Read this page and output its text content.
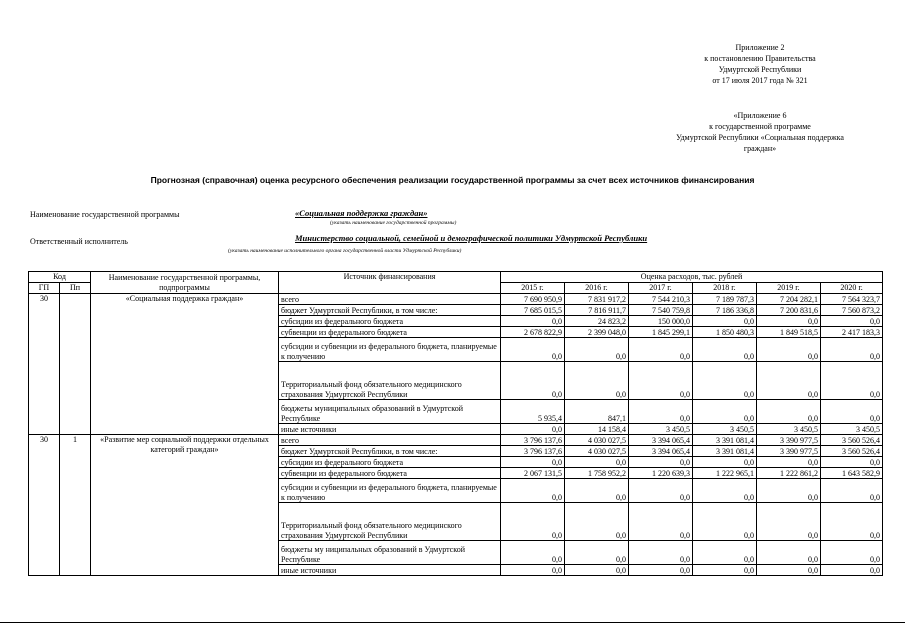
Приложение 2
к постановлению Правительства
Удмуртской Республики
от 17 июля 2017 года № 321
«Приложение 6
к государственной программе
Удмуртской Республики «Социальная поддержка
граждан»
Прогнозная (справочная) оценка ресурсного обеспечения реализации государственной программы за счет всех источников финансирования
Наименование государственной программы	«Социальная поддержка граждан»
(указать наименование государственной программы)
Ответственный исполнитель	Министерство социальной, семейной и демографической политики Удмуртской Республики
(указать наименование исполнительного органа государственной власти Удмуртской Республики)
Код		Наименование государственной программы, подпрограммы	Источник финансирования	Оценка расходов, тыс. рублей					
ГП	Пп			2015 г.	2016 г.	2017 г.	2018 г.	2019 г.	2020 г.
30		«Социальная поддержка граждан»	всего	7 690 950,9	7 831 917,2	7 544 210,3	7 189 787,3	7 204 282,1	7 564 323,7
			бюджет Удмуртской Республики, в том числе:	7 685 015,5	7 816 911,7	7 540 759,8	7 186 336,8	7 200 831,6	7 560 873,2
			субсидии из федерального бюджета	0,0	24 823,2	150 000,0	0,0	0,0	0,0
			субвенции из федерального бюджета	2 678 822,9	2 399 048,0	1 845 299,1	1 850 480,3	1 849 518,5	2 417 183,3
			субсидии и субвенции из федерального бюджета, планируемые к получению	0,0	0,0	0,0	0,0	0,0	0,0
			Территориальный фонд обязательного медицинского страхования Удмуртской Республики	0,0	0,0	0,0	0,0	0,0	0,0
			бюджеты муниципальных образований в Удмуртской Республике	5 935,4	847,1	0,0	0,0	0,0	0,0
			иные источники	0,0	14 158,4	3 450,5	3 450,5	3 450,5	3 450,5
30	1	«Развитие мер социальной поддержки отдельных категорий граждан»	всего	3 796 137,6	4 030 027,5	3 394 065,4	3 391 081,4	3 390 977,5	3 560 526,4
			бюджет Удмуртской Республики, в том числе:	3 796 137,6	4 030 027,5	3 394 065,4	3 391 081,4	3 390 977,5	3 560 526,4
			субсидии из федерального бюджета	0,0	0,0	0,0	0,0	0,0	0,0
			субвенции из федерального бюджета	2 067 131,5	1 758 952,2	1 220 639,3	1 222 965,1	1 222 861,2	1 643 582,9
			субсидии и субвенции из федерального бюджета, планируемые к получению	0,0	0,0	0,0	0,0	0,0	0,0
			Территориальный фонд обязательного медицинского страхования Удмуртской Республики	0,0	0,0	0,0	0,0	0,0	0,0
			бюджеты му ниципальных образований в Удмуртской Республике	0,0	0,0	0,0	0,0	0,0	0,0
			иные источники	0,0	0,0	0,0	0,0	0,0	0,0
